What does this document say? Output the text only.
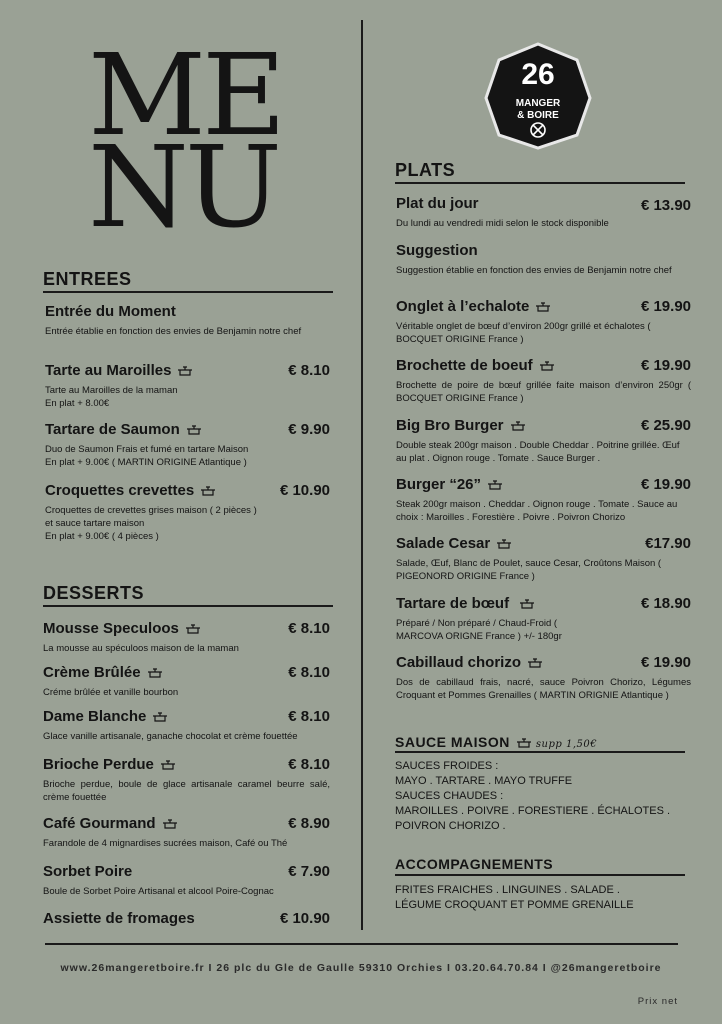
ME
NU
26
MANGER
& BOIRE
ENTREES
Entrée du Moment
Entrée établie en fonction des envies de Benjamin notre chef
Tarte au Maroilles	€ 8.10
Tarte au Maroilles de la maman
En plat + 8.00€
Tartare de Saumon	€ 9.90
Duo de Saumon Frais et fumé en tartare Maison
En plat + 9.00€ ( MARTIN ORIGINE Atlantique )
Croquettes crevettes	€ 10.90
Croquettes de crevettes grises maison ( 2 pièces )
et sauce tartare maison
En plat + 9.00€ ( 4 pièces )
DESSERTS
Mousse Speculoos	€ 8.10
La mousse au spéculoos maison de la maman
Crème Brûlée	€ 8.10
Créme brûlée et vanille bourbon
Dame Blanche	€ 8.10
Glace vanille artisanale, ganache chocolat et crème fouettée
Brioche Perdue	€ 8.10
Brioche perdue, boule de glace artisanale caramel beurre salé, crème fouettée
Café Gourmand	€ 8.90
Farandole de 4 mignardises sucrées maison, Café ou Thé
Sorbet Poire	€ 7.90
Boule de Sorbet Poire Artisanal et alcool Poire-Cognac
Assiette de fromages	€ 10.90
PLATS
Plat du jour	€ 13.90
Du lundi au vendredi midi selon le stock disponible
Suggestion
Suggestion établie en fonction des envies de Benjamin notre chef
Onglet à l’echalote	€ 19.90
Véritable onglet de bœuf d’environ 200gr grillé et échalotes ( BOCQUET ORIGINE France )
Brochette de boeuf	€ 19.90
Brochette de poire de bœuf grillée faite maison d’environ 250gr ( BOCQUET ORIGINE France )
Big Bro Burger	€ 25.90
Double steak 200gr maison . Double Cheddar . Poitrine grillée. Œuf au plat . Oignon rouge . Tomate . Sauce Burger .
Burger “26”	€ 19.90
Steak 200gr maison . Cheddar . Oignon rouge . Tomate . Sauce au choix : Maroilles . Forestière . Poivre . Poivron Chorizo
Salade Cesar	€17.90
Salade, Œuf, Blanc de Poulet, sauce Cesar, Croûtons Maison ( PIGEONORD ORIGINE France )
Tartare de bœuf	€ 18.90
Préparé / Non préparé / Chaud-Froid ( MARCOVA ORIGNE France ) +/- 180gr
Cabillaud chorizo	€ 19.90
Dos de cabillaud frais, nacré, sauce Poivron Chorizo, Légumes Croquant et Pommes Grenailles ( MARTIN ORIGNIE Atlantique )
SAUCE MAISON	supp 1,50€
SAUCES FROIDES :
MAYO . TARTARE . MAYO TRUFFE
SAUCES CHAUDES :
MAROILLES . POIVRE . FORESTIERE . ÉCHALOTES .
POIVRON CHORIZO .
ACCOMPAGNEMENTS
FRITES FRAICHES . LINGUINES . SALADE .
LÉGUME CROQUANT ET POMME GRENAILLE
www.26mangeretboire.fr I 26 plc du Gle de Gaulle 59310 Orchies I 03.20.64.70.84 I @26mangeretboire
Prix net
